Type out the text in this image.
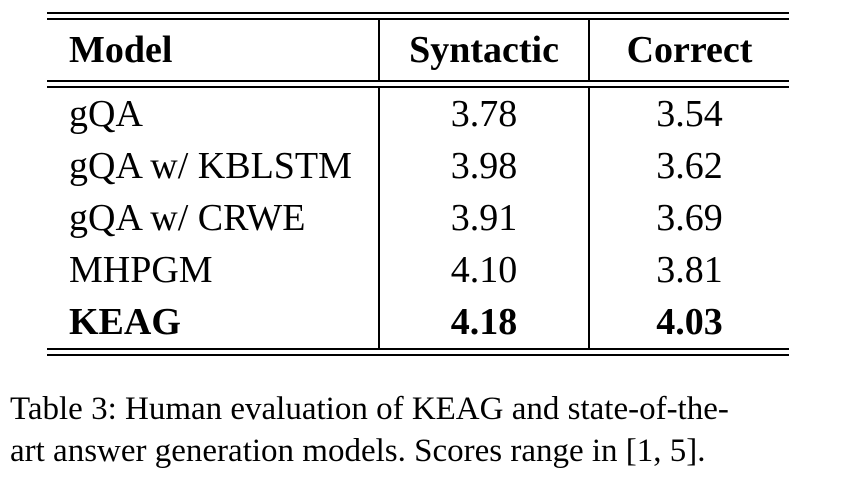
Model	Syntactic	Correct
gQA	3.78	3.54
gQA w/ KBLSTM	3.98	3.62
gQA w/ CRWE	3.91	3.69
MHPGM	4.10	3.81
KEAG	4.18	4.03
Table 3: Human evaluation of KEAG and state-of-the-
art answer generation models. Scores range in [1, 5].
